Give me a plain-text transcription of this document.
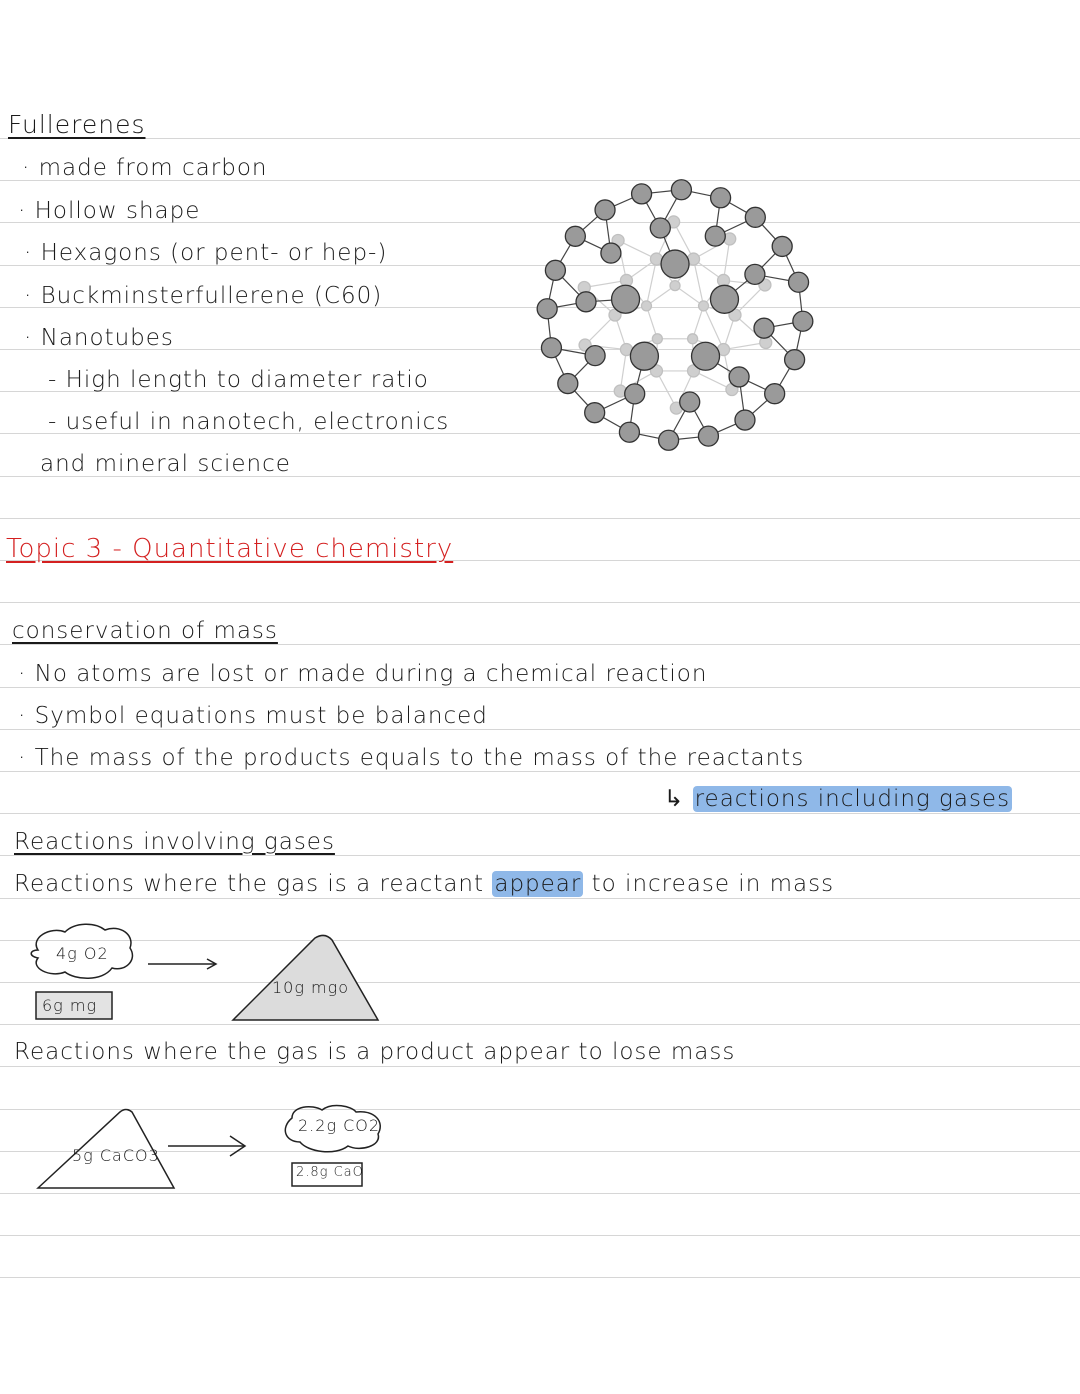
Fullerenes
· made from carbon
· Hollow shape
· Hexagons (or pent- or hep-)
· Buckminsterfullerene (C60)
· Nanotubes
- High length to diameter ratio
- useful in nanotech, electronics
and mineral science
Topic 3 - Quantitative chemistry
conservation of mass
· No atoms are lost or made during a chemical reaction
· Symbol equations must be balanced
· The mass of the products equals to the mass of the reactants
↳ reactions including gases
Reactions involving gases
Reactions where the gas is a reactant appear to increase in mass
4g O2
6g mg
10g mgo
Reactions where the gas is a product appear to lose mass
5g CaCO3
2.2g CO2
2.8g CaO
